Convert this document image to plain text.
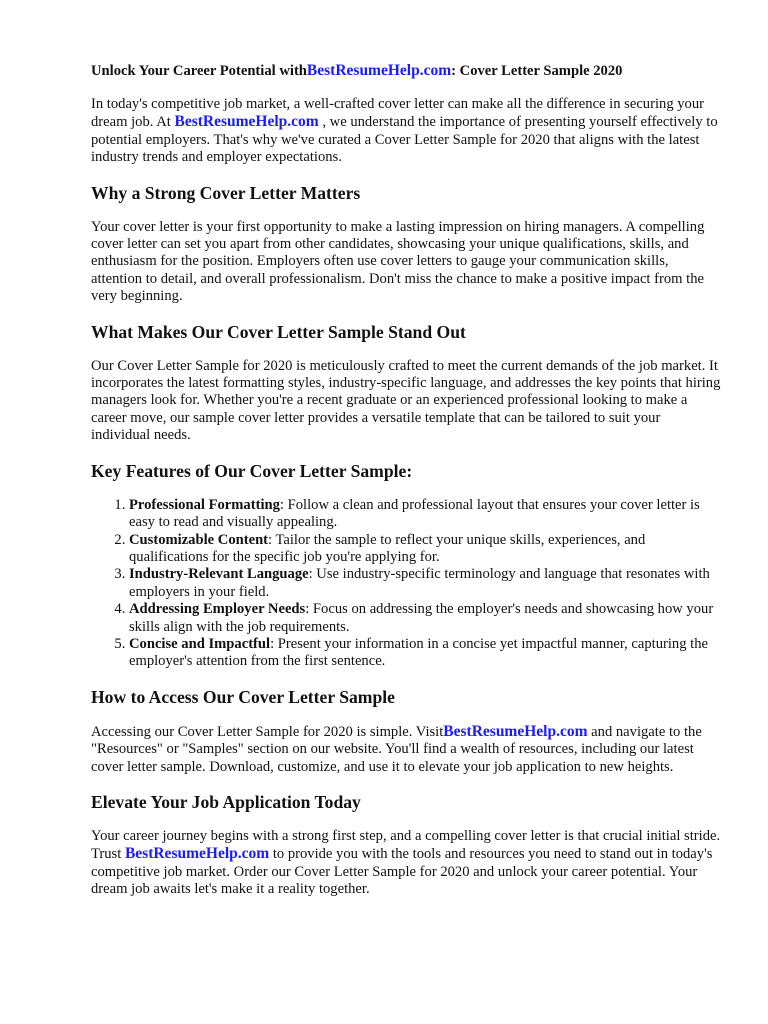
Unlock Your Career Potential withBestResumeHelp.com: Cover Letter Sample 2020

In today's competitive job market, a well-crafted cover letter can make all the difference in securing your dream job. At BestResumeHelp.com , we understand the importance of presenting yourself effectively to potential employers. That's why we've curated a Cover Letter Sample for 2020 that aligns with the latest industry trends and employer expectations.

Why a Strong Cover Letter Matters

Your cover letter is your first opportunity to make a lasting impression on hiring managers. A compelling cover letter can set you apart from other candidates, showcasing your unique qualifications, skills, and enthusiasm for the position. Employers often use cover letters to gauge your communication skills, attention to detail, and overall professionalism. Don't miss the chance to make a positive impact from the very beginning.

What Makes Our Cover Letter Sample Stand Out

Our Cover Letter Sample for 2020 is meticulously crafted to meet the current demands of the job market. It incorporates the latest formatting styles, industry-specific language, and addresses the key points that hiring managers look for. Whether you're a recent graduate or an experienced professional looking to make a career move, our sample cover letter provides a versatile template that can be tailored to suit your individual needs.

Key Features of Our Cover Letter Sample:
1. Professional Formatting: Follow a clean and professional layout that ensures your cover letter is easy to read and visually appealing.
2. Customizable Content: Tailor the sample to reflect your unique skills, experiences, and qualifications for the specific job you're applying for.
3. Industry-Relevant Language: Use industry-specific terminology and language that resonates with employers in your field.
4. Addressing Employer Needs: Focus on addressing the employer's needs and showcasing how your skills align with the job requirements.
5. Concise and Impactful: Present your information in a concise yet impactful manner, capturing the employer's attention from the first sentence.
How to Access Our Cover Letter Sample

Accessing our Cover Letter Sample for 2020 is simple. VisitBestResumeHelp.com and navigate to the "Resources" or "Samples" section on our website. You'll find a wealth of resources, including our latest cover letter sample. Download, customize, and use it to elevate your job application to new heights.

Elevate Your Job Application Today

Your career journey begins with a strong first step, and a compelling cover letter is that crucial initial stride. Trust BestResumeHelp.com to provide you with the tools and resources you need to stand out in today's competitive job market. Order our Cover Letter Sample for 2020 and unlock your career potential. Your dream job awaits let's make it a reality together.
